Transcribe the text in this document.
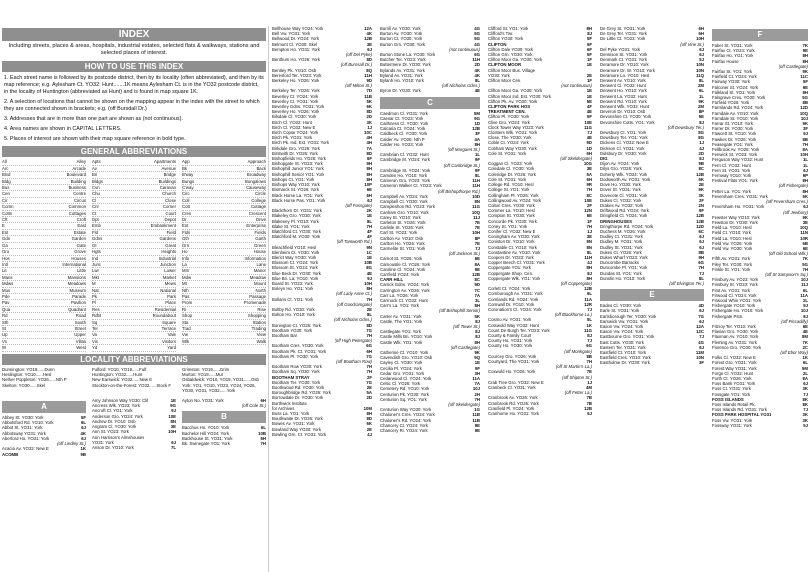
INDEX
Including streets, places & areas, hospitals, industrial estates, selected flats & walkways, stations and selected places of interest.
HOW TO USE THIS INDEX
1. Each street name is followed by its postcode district, then by its locality (often abbreviated), and then by its map reference; e.g. Aylesham Ct. YO32: Hunt.......1K means Aylesham Ct. is in the YO32 postcode district, in the locality of Huntington (abbreviated as Hunt) and is found in map square 1K.
2. A selection of locations that cannot be shown on the mapping appear in the index with the street to which they are connected shown in brackets; e.g. (off Bursdall Dr.)
3. Addresses that are in more than one part are shown as (not continuous).
4. Area names are shown in CAPITAL LETTERS.
5. Places of interest are shown with their map square reference in bold type.
GENERAL ABBREVIATIONS
All	Alley Apts	Apartments App	Approach
Arc	Arcade Av	Avenue Bk	Back
Blvd	Boulevard Bri	Bridge B'way	Broadway
Bldg	Building Bldgs	Buildings Bungs	Bungalows
Bus	Business Cvn	Caravan C'way	Causeway
Cen	Centre Chu	Church Circ	Circle
Cir	Circus Cl	Close Coll	College
Comn	Common Cnr	Corner Cott	Cottage
Cotts	Cottages Ct	Court Cres	Crescent
Cft	Croft Dpt	Depot Dr	Drive
E	East Emb	Embankment Ent	Enterprise
Est	Estate Fld	Field Flds	Fields
Gdn	Garden Gdns	Gardens Gth	Garth
Ga	Gate Gt	Great Grn	Green
Gro	Grove Hgts	Heights Ho	House
Hos	Houses Ind	Industrial Info	Information
Intl	International Junc	Junction La	Lane
Lit	Little Lwr	Lower Mnr	Manor
Mans	Mansions Mkt	Market Mdw	Meadow
Mdws	Meadows M	Mews Mt	Mount
Mus	Museum Nat	National Nth	North
Pde	Parade Pk	Park Pas	Passage
Pav	Pavilion Pl	Place Prom	Promenade
Qua	Quadrant Res	Residential Ri	Rise
Rd	Road Rdbt	Roundabout Shop	Shopping
Sth	South Sq	Square Sta	Station
St	Street Ter	Terrace Trad	Trading
Up	Upper Va	Vale Vw	View
Vs	Villas Vis	Visitors Wlk	Walk
W	West Yd	Yard
LOCALITY ABBREVIATIONS
Dunnington: YO19......Dunn	Fulford: YO10, YO19......Fulf	Grimston: YO19......Grim
Heslington: YO10......Hesl	Huntington: YO32......Hunt	Murton: YO19......Mur
Nether Poppleton: YO26......Nth P	New Earswick: YO32......New E	Osbaldwick: YO10, YO19, YO31......Osb
Skelton: YO30......Skel	Stockton-on-the-Forest: YO32......Stock F	York: YO1, YO10, YO23, YO24, YO26, YO30, YO31, YO32......York
A
Abbey St. YO30: York	5F
Abbotsford Rd. YO10: York	6L
Abbot St. YO31: York	6J
Abbotsway YO31: York	4K
Aberford Ho. YO31: York	6J
(off Lindley St.)
Acacia Av. YO32: New E	1K
ACOMB	9B
Amy Johnson Way YO30: Clif	1E
Ancress Wlk. YO23: York	9G
Ancroft Cl. YO1: York	9J
Anderson Gro. YO24: York	10E
Andrew Dr. YO10: Osb	8N
Angram Cl. YO30: York	3E
Ann St. YO23: York	10H
Ann Harrison's Almshouses
YO31: York	6J
Anson Dr. YO10: York	7L
Ayton No. YO31: York	6H
(off Cole St.)
B
Bacchus Ho. YO10: York	6L
Bachelor Hill YO24: York	10B
Backhouse St. YO31: York	6H
Bk. Swinegate YO1: York	7H
Bellhouse Way YO24: York	12A
Bell Vw. YO31: York	4K
Bellwood Dr. YO24: York	12B
Belmont Cl. YO30: Skel	3E
Bempton Ho. YO31: York	6J
(off Del Pyke)
Benthum Ho. YO26: York	8D
(off Burnsall Dr.)
Bentley Pk. YO10: Osb	8Q
Beresford Ter. YO23: York	11H
Berkeley Ho. YO26: York	9D
(off Milton St.)
Berkeley Ter. YO26: York	7D
Beverley Ct. YO24: York	11B
Beverley Ct. YO31: York	5K
Beverley Gdns. YO31: York	6K
Beverley Ho. YO26: York	8D
Bilsdale Cl. YO30: York	2D
Birch Cl. YO32: Hunt	3K
Birch Cl. YO32: New E	1J
Birch Copse YO24: York	10C
Birch Pk. YO31: York	4H
Birch Pk. Ind. Est. YO31: York	4H
Birkdale Gro. YO26: York	7A
Birstwith Dr. YO26: York	8D
Bishopfields Ho. YO26: York	6F
Bishopgate St. YO23: York	9H
Bishophill Junior YO1: York	8H
Bishophill Senior YO1: York	8H
Bishops Ct. YO1: York	8H
Bishops Way YO10: York	10P
Bismarck St. YO26: York	6E
Black Horse La. YO1: York	6H
Black Horse Pas. YO1: York	6J
(off Fossgate)
Blackthorn Dr. YO31: York	2K
Blakeley Gro. YO30: York	1E
Blakeney Pl. YO10: York	8L
Blake St. YO1: York	7H
Blatchford Ct. YO30: York	4F
Blatchford M. YO30: York	4F
(off Tamworth Rd.)
Bleachfield YO10: Hesl	9N
Blenheim Ct. YO30: York	1C
Blerict Way YO30: York	1E
Blossom Ct. YO24: York	10B
Blossom St. YO24: York	8G
Blue Beck Dr. YO30: York	4E
Blue Bri. La. YO10: York	9J
Board St. YO23: York	10H
Boleyn Ho. YO1: York	8H
(off Lady Anne Ct.)
Bollans Ct. YO1: York	7H
(off Goodramgate)
Boltby Rd. YO30: York	2E
Bolton Ho. YO10: York	8L
(off Nicholas Gdns.)
Bonington Ct. YO26: York	8D
Bootham YO30: York	7G
Bootham Bar	7H
(off High Petergate)
Bootham Cres. YO30: York	6G
Bootham Pk. Ct. YO31: York	6H
Bootham Pl. YO30: York	7G
(off Bootham Row)
Bootham Row YO30: York	7H
Bootham Sq. YO30: York	7H
BOOTHAM STRAY	2F
Bootham Ter. YO30: York	7G
Boothwood Rd. YO30: York	2E
Boroughbridge Rd. YO26: York	5A
Borrowdale Dr. YO30: York	2D
Borthwick Institute
for Archives	10M
Boss La. YO1: York	8H
Bouthwaite Dr. YO26: York	8D
Bowes Av. YO31: York	6K
Bowland Way YO30: York	2E
Bowling Grn. Ct. YO31: York	4J
Burrill Av. YO30: York	4G
Burton Av. YO30: York	5G
Burton Ct. YO30: York	5G
Burton Grn. YO30: York	4G
(not continuous)
Burton Stone La. YO30: York	6G
Butcher Ter. YO23: York	11H
Buttermere Dr. YO30: York	2D
Bylands Av. YO31: York	4K
Byland Av. YO31: York	4K
Bylanh Ho. YO10: York	8L
(off Nicholas Gdns.)
Byron Dr. YO30: York	4E
C
Caedmon Cl. YO31: York	5M
Caesar Ct. YO23: York	9G
Caithness Cl. YO30: York	1D
Calcaria Ct. YO24: York	12B
Caldbeck Cl. YO30: York	3F
Calder Av. YO26: Nth P	4A
Calder Ho. YO23: York	8H
(off Margaret St.)
Cambrian Cl. YO32: Hunt	1L
Cambridge M. YO24: York	9F
(off Cambridge St.)
Cambridge St. YO24: York	9F
Camden Ho. YO10: York	8L
Cameron Gro. YO23: York	11H
Cameron Walker Ct. YO23: York	11H
(off Bishopthorpe Rd.)
Campbell Av. YO24: York	10D
Campbell Ct. YO30: York	8N
Campleshon Rd. YO23: York	11G
Canham Gro. YO10: York	10Q
Carey St. YO10: York	11J
Carleton St. YO26: York	7E
Carlisle St. YO26: York	7E
Carl St. YO23: York	10H
Carlton Av. YO10: Osb	8P
Carlton Ho. YO26: York	7E
Carmelite St. YO1: York	7J
(off Jackson St.)
Carnot St. YO26: York	6E
Carnoustie Cl. YO26: York	8A
Caroline Cl. YO24: York	9E
Carrfield YO24: York	12B
CARR HILL	8C
Carrick Gdns. YO24: York	9D
Carrington Av. YO26: York	7C
Carr La. YO26: York	7A
Carrnock Ct. YO32: Hunt	3L
Carr's La. YO1: York	8H
(off Bishophill Senior)
Carter Av. YO31: York	5K
Castle, The YO1: York	8J
(off Tower St.)
Castlegate YO1: York	8J
Castle Mills Bri. YO10: York	8J
Castle Wlk. YO1: York	8H
(off Castlegate)
Catherine Ct. YO10: York	9K
Cavendish Gro. YO10: Osb	9Q
Cayley Cl. YO30: York	1E
Cecilia Pl. YO24: York	9F
Cedar Gro. YO31: York	3H
Cedarwood Cl. YO24: York	11A
Celtic Cl. YO26: York	7A
Cemetery Rd. YO10: York	10J
Centurion Pk. YO30: York	2H
Centurion Sq. YO1: York	7H
(off Skeldergate)
Centurion Way YO30: York	1G
Chaloner's Cres. YO24: York	11B
Chaloner's Rd. YO24: York	11B
Chancery Ct. YO24: York	9E
Chancery Ri. YO24: York	9E
Clifford St. YO1: York	8H
Clifford's Twr.	8J
Clifton YO30: York	5F
CLIFTON	5F
Clifton Dale YO30: York	6F
Clifton Grn. YO30: York	5F
Clifton Moor Ga. YO30: York	1F
CLIFTON MOOR	1E
Clifton Moor Bus. Village
YO30: York	2E
Clifton Moor Cen.	1F
(not continuous)
Clifton Moor Ga. YO30: York	1E
Clifton Moor Ind. Est. YO30: York	1E
Clifton Pk. Av. YO30: York	5E
CLIFTON PARK HOS	4F
TREATMENT CEN.	4E
Clifton Pl. YO30: York	5F
Clive Gro. YO24: York	10E
Clock Tower Way YO23: York	11G
Cloisters Wlk. YO31: York	7J
Close, The YO30: York	4E
Coble Ct. YO24: York	9D
Cobham Way YO30: York	1D
Cole St. YO31: York	6H
(off Skeldergate)
Coggan Cl. YO23: York	10G
Coledale Cl. YO30: York	3E
Coleridge Dr. YO26: York	5A
Cole St. YO31: York	6H
College Rd. YO10: Hesl	9R
College St. YO1: York	7H
Collingham Pl. YO26: York	8C
Collingwood Av. YO24: York	10E
Colton Cres. YO30: York	2F
Commer La. YO10: Hesl	12N
Compton St. YO30: York	6E
Concorde Pk. YO30: York	1F
Coney St. YO1: York	7H
Conifer Cl. YO32: New E	1J
Coningham Av. YO30: York	3E
Coniston Dr. YO10: York	9N
Constable Ct. YO10: York	8N
Constantine Av. YO10: York	8L
Coopers Dr. YO23: York	11H
Copper Beech Cl. YO31: York	4J
Coppergate YO1: York	8H
Coppergate Shop. Cen.	8J
Coppergate Wlk. YO1: York	8H
(off Coppergate)
Corlett Ct. YO24: York	12B
Cornborough Av. YO31: York	6L
Cornlands Rd. YO24: York	11A
Cornwall Dr. YO10: York	12R
Coronation's Ct. YO24: York	7J
(off Blackhorse La.)
Cosmo Av. YO31: York	5L
Cotswold Way YO32: Hunt	1K
Count De Burgh Ter. YO23: York	11G
County & Family Court	8J
County Ho. YO31: York	7J
County Ho. YO30: York	6G
(off Monkgate)
Courcey Gro. YO26: York	8B
Courtyard, The YO31: York	7H
(off St Martin's La.)
Coxwold Ho. YO26: York	7E
(off Shipton St.)
Crab Tree Gro. YO32: New E	1J
Cranbeck Cl. YO31: York	4M
(off Fetter La.)
Cranbrook Av. YO26: York	7B
Cranbrook Rd. YO26: York	7B
Cranfield Pl. YO24: York	12B
Cranhorne Ho. YO31: York	6J
De Grey St. YO31: York	6H
De Grey Ter. YO31: York	6H
De Little Ct. YO23: York	10H
(off Vine St.)
Del Pyke YO31: York	6J
Dennison St. YO31: York	6J
Denmark Ct. YO31: York	5J
Deramore Dr. YO10: York	10N
Deramore Dr. W. YO10: York	10N
Deramore Lo. YO10: Hesl	11Q
Derwent Av. YO10: York	8L
Derwent Cl. YO32: Hunt	2M
Derwent Ho. YO10: York	6L
Derwent La. YO32: Hunt	1L
Derwent Rd. YO10: York	9K
Derwent Wlk. YO32: Hunt	2M
Deveron Dr. YO10: Osb	8P
Devonshire Ct. YO30: York	5E
Devonshire Cotts. YO1: York	8J
(off Dewsbury Ter.)
Dewsbury Ct. YO1: York	8G
Dewsbury Ter. YO1: York	8G
Dickens Cl. YO32: New E	1J
Dickson Cl. YO31: York	4J
Didsbury Dr. YO30: York	2D
DIG	8J
Dijon Av. YO24: York	9B
Dilys Gro. YO26: York	8C
Doherty Wlk. YO24: York	12B
Dodsworth Av. YO31: York	5K
Dove Ho. YO30: York	2E
Dover St. YO31: York	9K
Dovecote Cl. YO31: York	3K
Dukes Cl. YO32: York	2F
Drakes Av. YO32: York	2N
Driftwood Rd. YO24: York	9F
Dringfield Cl. YO24: York	12B
DRINGHOUSES	12B
Dringthorpe Rd. YO24: York	12D
Duchess M. YO26: York	6C
Dudley Ct. YO31: York	6J
Dudley M. YO31: York	6J
Dudley St. YO31: York	6J
Dukes Ct. YO26: York	8B
Dukes Wharf YO23: York	9H
Duncombe Barracks	6G
Duncombe Pl. YO1: York	7H
Dundas St. YO1: York	7J
Dunslin Ho. YO10: York	8L
(off Elvington Ter.)
E
Eades Cl. YO30: York	4D
Earle St. YO31: York	6J
Earlsborough Ter. YO30: York	7G
Earswick Vw. YO31: York	6J
Eason Vw. YO24: York	12A
Eason Vw. YO24: York	12C
Eastbourne Gro. YO31: York	7J
East Cotts. YO30: York	4G
Eastern Ter. YO31: York	6J
Eastfield Ct. YO10: York	11M
Eastfield Cres. YO10: York	10N
Eastholme Dr. YO30: York	3F
F
Faber St. YO31: York	7K
Fairfax Ct. YO24: York	9E
Fairfax Ho. YO1: York	8H
Fairfax House	8H
(off Castlegate)
Fairfax St. YO1: York	9K
Fairfield Ct. YO24: York	11C
Fairway YO30: York	5F
Falconer St. YO24: York	9E
Falkland St. YO1: York	8H
Falsgrave Cres. YO30: York	5G
Farfield YO26: York	8B
Farmlands Rd. YO24: York	12D
Farndale Av. YO10: York	10Q
Farndale St. YO10: York	10J
Farrar St. YO10: York	9K
Farrer Dr. YO30: York	3F
Fawcett St. YO10: York	9J
Fawkes Dr. YO26: York	8B
Feasegate YO1: York	7H
Fellbrook Av. YO26: York	8A
Fenwick St. YO23: York	10H
Ferguson Way YO32: Hunt	1L
Fern Cl. YO32: Hunt	1L
Fern St. YO31: York	6J
Fernway YO10: York	9P
Festival Flats YO1: York	8H
(off Fishergate)
Fetter La. YO1: York	8H
Feversham Cres. YO31: York	5K
(off Feversham Cres.)
Feversham Ho. YO31: York	6J
(off Jewbury)
Fewster Way YO10: York	9K
Fewston Dr. YO30: York	3E
Field La. YO10: Hesl	10Q
Field Ct. YO10: York	11N
Field La. YO10: Hesl	10R
Field Vw. YO26: York	6B
Field Vw. YO30: York	6E
(off Old School Wlk.)
Fifth Av. YO31: York	7K
Filey Ter. YO30: York	5G
Finkle St. YO1: York	7H
(off St Sampson's Sq.)
Finsbury Av. YO23: York	10J
Finsbury St. YO23: York	11J
First Av. YO31: York	6L
Firwood Cl. YO24: York	11A
Firwood Whin YO31: York	2L
Fishergate YO10: York	9J
Fishergate Ho. YO10: York	10J
Fishergate Pstn.	8J
(off Piccadilly)
Fitzroy Ter. YO10: York	6E
Flavian Gro. YO30: York	4E
Flaxman Av. YO10: York	8M
Fleming Av. YO31: York	7K
Florence Gro. YO30: York	2C
(off Ebor Way)
Folks Cl. YO32: New E	1K
Forest Gro. YO31: York	6L
Forest Way YO31: York	5M
Forge Cl. YO32: Hunt	2L
Forth Ct. YO26: York	8A
Foss Bank YO31: York	6J
Foss Ct. YO31: York	3K
Fossgate YO1: York	7J
FOSS ISLANDS	8K
Foss Islands Retail Pk.	8K
Foss Islands Rd. YO31: York	7J
FOSS PARK HOSPITAL YO31	3K
Foss Vw. YO31: York	3K
Fossway YO31: York	5J
